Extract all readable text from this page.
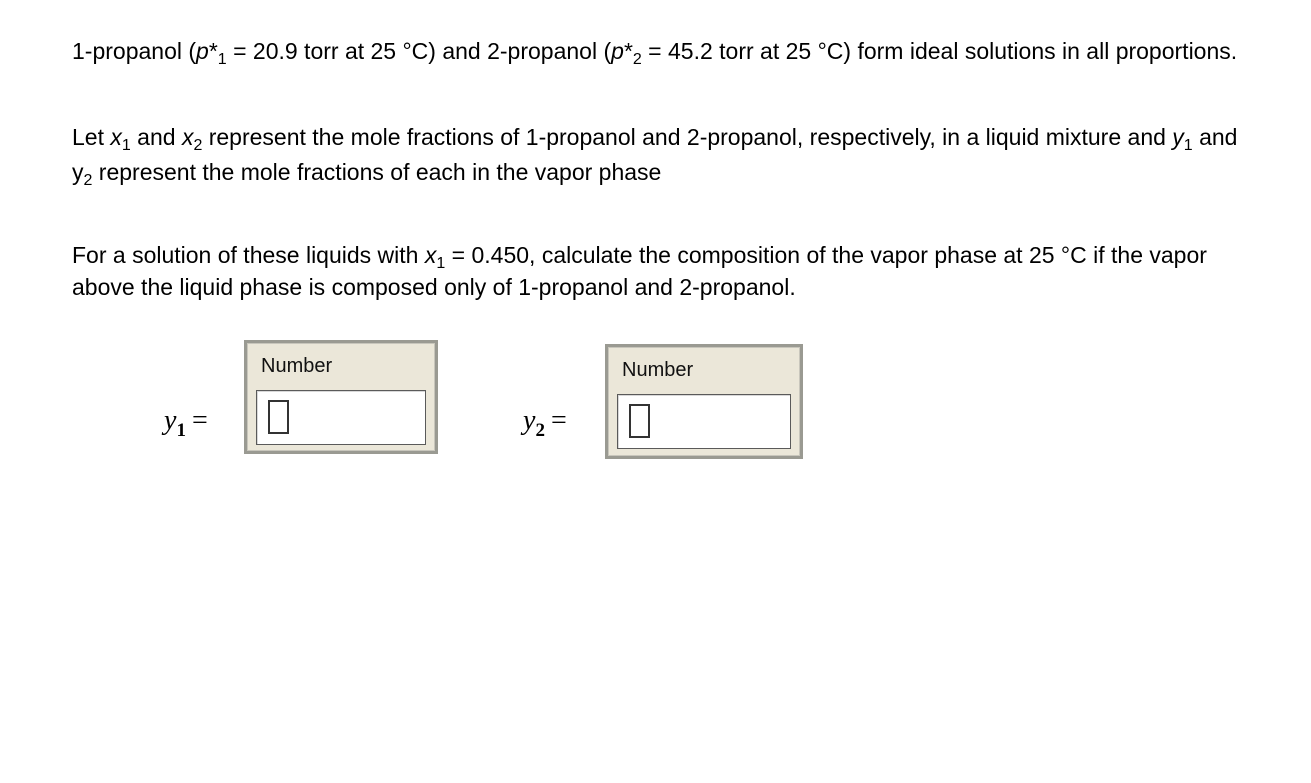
1-propanol ($p*_1 = 20.9$ torr at 25 °C) and 2-propanol ($p*_2 = 45.2$ torr at 25 °C) form ideal solutions in all proportions.

Let $x_1$ and $x_2$ represent the mole fractions of 1-propanol and 2-propanol, respectively, in a liquid mixture and $y_1$ and $y_2$ represent the mole fractions of each in the vapor phase

For a solution of these liquids with $x_1 = 0.450$, calculate the composition of the vapor phase at 25 °C if the vapor above the liquid phase is composed only of 1-propanol and 2-propanol.

$y_1$ =
Number
$y_2$ =
Number
